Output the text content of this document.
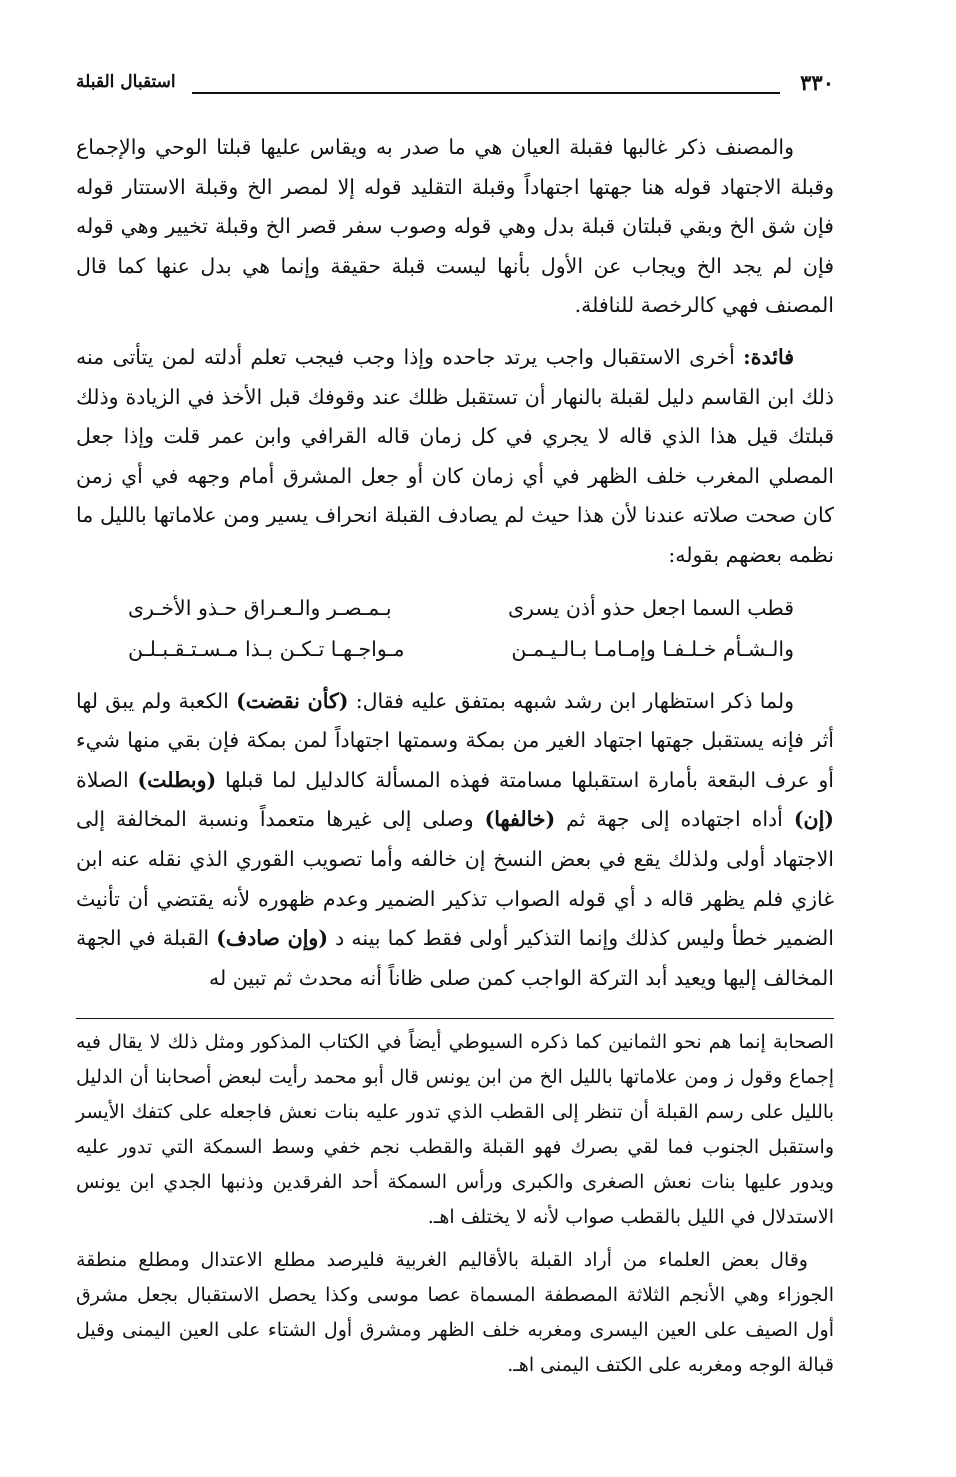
٣٣٠
استقبال القبلة

والمصنف ذكر غالبها فقبلة العيان هي ما صدر به ويقاس عليها قبلتا الوحي والإجماع وقبلة الاجتهاد قوله هنا جهتها اجتهاداً وقبلة التقليد قوله إلا لمصر الخ وقبلة الاستتار قوله فإن شق الخ وبقي قبلتان قبلة بدل وهي قوله وصوب سفر قصر الخ وقبلة تخيير وهي قوله فإن لم يجد الخ ويجاب عن الأول بأنها ليست قبلة حقيقة وإنما هي بدل عنها كما قال المصنف فهي كالرخصة للنافلة.

فائدة: أخرى الاستقبال واجب يرتد جاحده وإذا وجب فيجب تعلم أدلته لمن يتأتى منه ذلك ابن القاسم دليل لقبلة بالنهار أن تستقبل ظلك عند وقوفك قبل الأخذ في الزيادة وذلك قبلتك قيل هذا الذي قاله لا يجري في كل زمان قاله القرافي وابن عمر قلت وإذا جعل المصلي المغرب خلف الظهر في أي زمان كان أو جعل المشرق أمام وجهه في أي زمن كان صحت صلاته عندنا لأن هذا حيث لم يصادف القبلة انحراف يسير ومن علاماتها بالليل ما نظمه بعضهم بقوله:

قطب السما اجعل حذو أذن يسرى
بـمـصـر والـعـراق حـذو الأخـرى
والـشـأم خـلـفـا وإمـامـا بـالـيـمـن
مـواجـهـا تـكـن بـذا مـسـتـقـبـلـن

ولما ذكر استظهار ابن رشد شبهه بمتفق عليه فقال: (كأن نقضت) الكعبة ولم يبق لها أثر فإنه يستقبل جهتها اجتهاد الغير من بمكة وسمتها اجتهاداً لمن بمكة فإن بقي منها شيء أو عرف البقعة بأمارة استقبلها مسامتة فهذه المسألة كالدليل لما قبلها (وبطلت) الصلاة (إن) أداه اجتهاده إلى جهة ثم (خالفها) وصلى إلى غيرها متعمداً ونسبة المخالفة إلى الاجتهاد أولى ولذلك يقع في بعض النسخ إن خالفه وأما تصويب القوري الذي نقله عنه ابن غازي فلم يظهر قاله د أي قوله الصواب تذكير الضمير وعدم ظهوره لأنه يقتضي أن تأنيث الضمير خطأ وليس كذلك وإنما التذكير أولى فقط كما بينه د (وإن صادف) القبلة في الجهة المخالف إليها ويعيد أبد التركة الواجب كمن صلى ظاناً أنه محدث ثم تبين له

الصحابة إنما هم نحو الثمانين كما ذكره السيوطي أيضاً في الكتاب المذكور ومثل ذلك لا يقال فيه إجماع وقول ز ومن علاماتها بالليل الخ من ابن يونس قال أبو محمد رأيت لبعض أصحابنا أن الدليل بالليل على رسم القبلة أن تنظر إلى القطب الذي تدور عليه بنات نعش فاجعله على كتفك الأيسر واستقبل الجنوب فما لقي بصرك فهو القبلة والقطب نجم خفي وسط السمكة التي تدور عليه ويدور عليها بنات نعش الصغرى والكبرى ورأس السمكة أحد الفرقدين وذنبها الجدي ابن يونس الاستدلال في الليل بالقطب صواب لأنه لا يختلف اهـ.

وقال بعض العلماء من أراد القبلة بالأقاليم الغربية فليرصد مطلع الاعتدال ومطلع منطقة الجوزاء وهي الأنجم الثلاثة المصطفة المسماة عصا موسى وكذا يحصل الاستقبال بجعل مشرق أول الصيف على العين اليسرى ومغربه خلف الظهر ومشرق أول الشتاء على العين اليمنى وقيل قبالة الوجه ومغربه على الكتف اليمنى اهـ.
